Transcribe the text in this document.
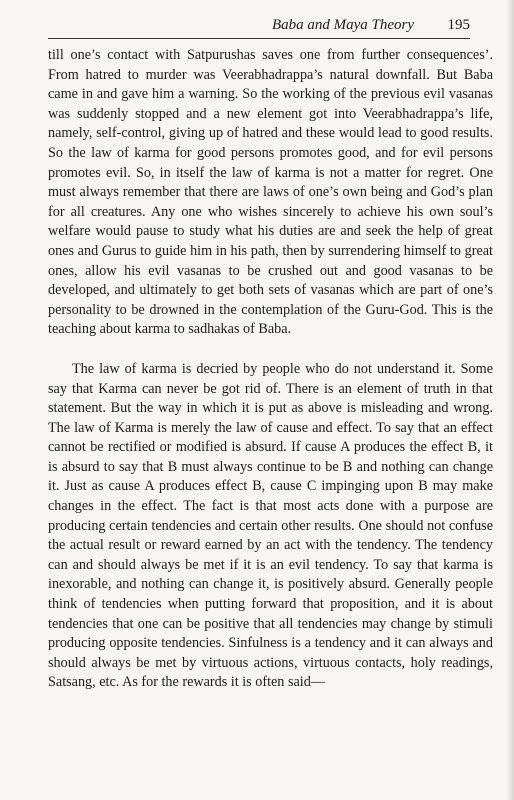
Baba and Maya Theory 195

till one’s contact with Satpurushas saves one from further consequences’. From hatred to murder was Veerabhadrappa’s natural downfall. But Baba came in and gave him a warning. So the working of the previous evil vasanas was suddenly stopped and a new element got into Veerabhadrappa’s life, namely, self-control, giving up of hatred and these would lead to good results. So the law of karma for good persons promotes good, and for evil persons promotes evil. So, in itself the law of karma is not a matter for regret. One must always remember that there are laws of one’s own being and God’s plan for all creatures. Any one who wishes sincerely to achieve his own soul’s welfare would pause to study what his duties are and seek the help of great ones and Gurus to guide him in his path, then by surrendering himself to great ones, allow his evil vasanas to be crushed out and good vasanas to be developed, and ultimately to get both sets of vasanas which are part of one’s personality to be drowned in the contemplation of the Guru-God. This is the teaching about karma to sadhakas of Baba.

The law of karma is decried by people who do not understand it. Some say that Karma can never be got rid of. There is an element of truth in that statement. But the way in which it is put as above is misleading and wrong. The law of Karma is merely the law of cause and effect. To say that an effect cannot be rectified or modified is absurd. If cause A produces the effect B, it is absurd to say that B must always continue to be B and nothing can change it. Just as cause A produces effect B, cause C impinging upon B may make changes in the effect. The fact is that most acts done with a purpose are producing certain tendencies and certain other results. One should not confuse the actual result or reward earned by an act with the tendency. The tendency can and should always be met if it is an evil tendency. To say that karma is inexorable, and nothing can change it, is positively absurd. Generally people think of tendencies when putting forward that proposition, and it is about tendencies that one can be positive that all tendencies may change by stimuli producing opposite tendencies. Sinfulness is a tendency and it can always and should always be met by virtuous actions, virtuous contacts, holy readings, Satsang, etc. As for the rewards it is often said—
